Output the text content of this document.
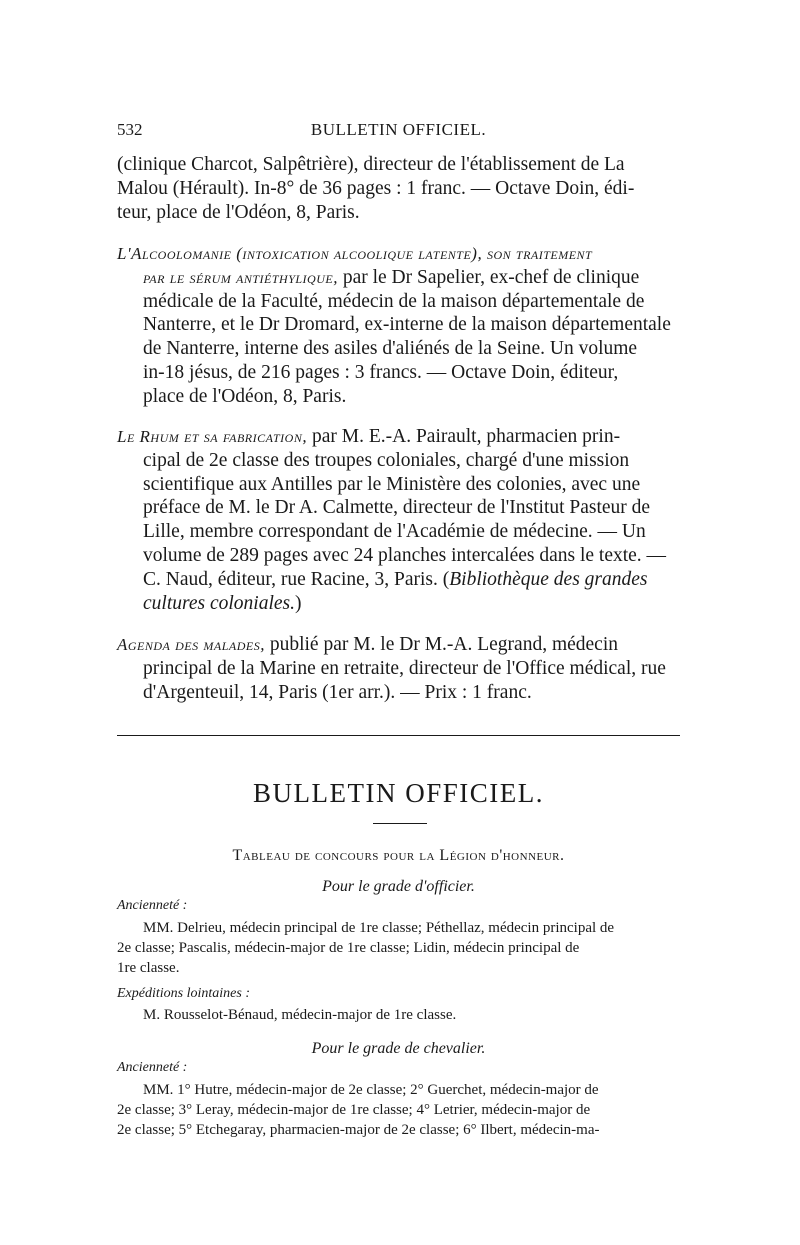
532	BULLETIN OFFICIEL.
(clinique Charcot, Salpêtrière), directeur de l'établissement de La
Malou (Hérault). In-8° de 36 pages : 1 franc. — Octave Doin, édi-
teur, place de l'Odéon, 8, Paris.
L'Alcoolomanie (intoxication alcoolique latente), son traitement
par le sérum antiéthylique, par le Dr Sapelier, ex-chef de clinique
médicale de la Faculté, médecin de la maison départementale de
Nanterre, et le Dr Dromard, ex-interne de la maison départementale
de Nanterre, interne des asiles d'aliénés de la Seine. Un volume
in-18 jésus, de 216 pages : 3 francs. — Octave Doin, éditeur,
place de l'Odéon, 8, Paris.
Le Rhum et sa fabrication, par M. E.-A. Pairault, pharmacien prin-
cipal de 2e classe des troupes coloniales, chargé d'une mission
scientifique aux Antilles par le Ministère des colonies, avec une
préface de M. le Dr A. Calmette, directeur de l'Institut Pasteur de
Lille, membre correspondant de l'Académie de médecine. — Un
volume de 289 pages avec 24 planches intercalées dans le texte. —
C. Naud, éditeur, rue Racine, 3, Paris. (Bibliothèque des grandes
cultures coloniales.)
Agenda des malades, publié par M. le Dr M.-A. Legrand, médecin
principal de la Marine en retraite, directeur de l'Office médical, rue
d'Argenteuil, 14, Paris (1er arr.). — Prix : 1 franc.
BULLETIN OFFICIEL.
Tableau de concours pour la Légion d'honneur.
Pour le grade d'officier.
Ancienneté :
MM. Delrieu, médecin principal de 1re classe; Péthellaz, médecin principal de
2e classe; Pascalis, médecin-major de 1re classe; Lidin, médecin principal de
1re classe.
Expéditions lointaines :
M. Rousselot-Bénaud, médecin-major de 1re classe.
Pour le grade de chevalier.
Ancienneté :
MM. 1° Hutre, médecin-major de 2e classe; 2° Guerchet, médecin-major de
2e classe; 3° Leray, médecin-major de 1re classe; 4° Letrier, médecin-major de
2e classe; 5° Etchegaray, pharmacien-major de 2e classe; 6° Ilbert, médecin-ma-
